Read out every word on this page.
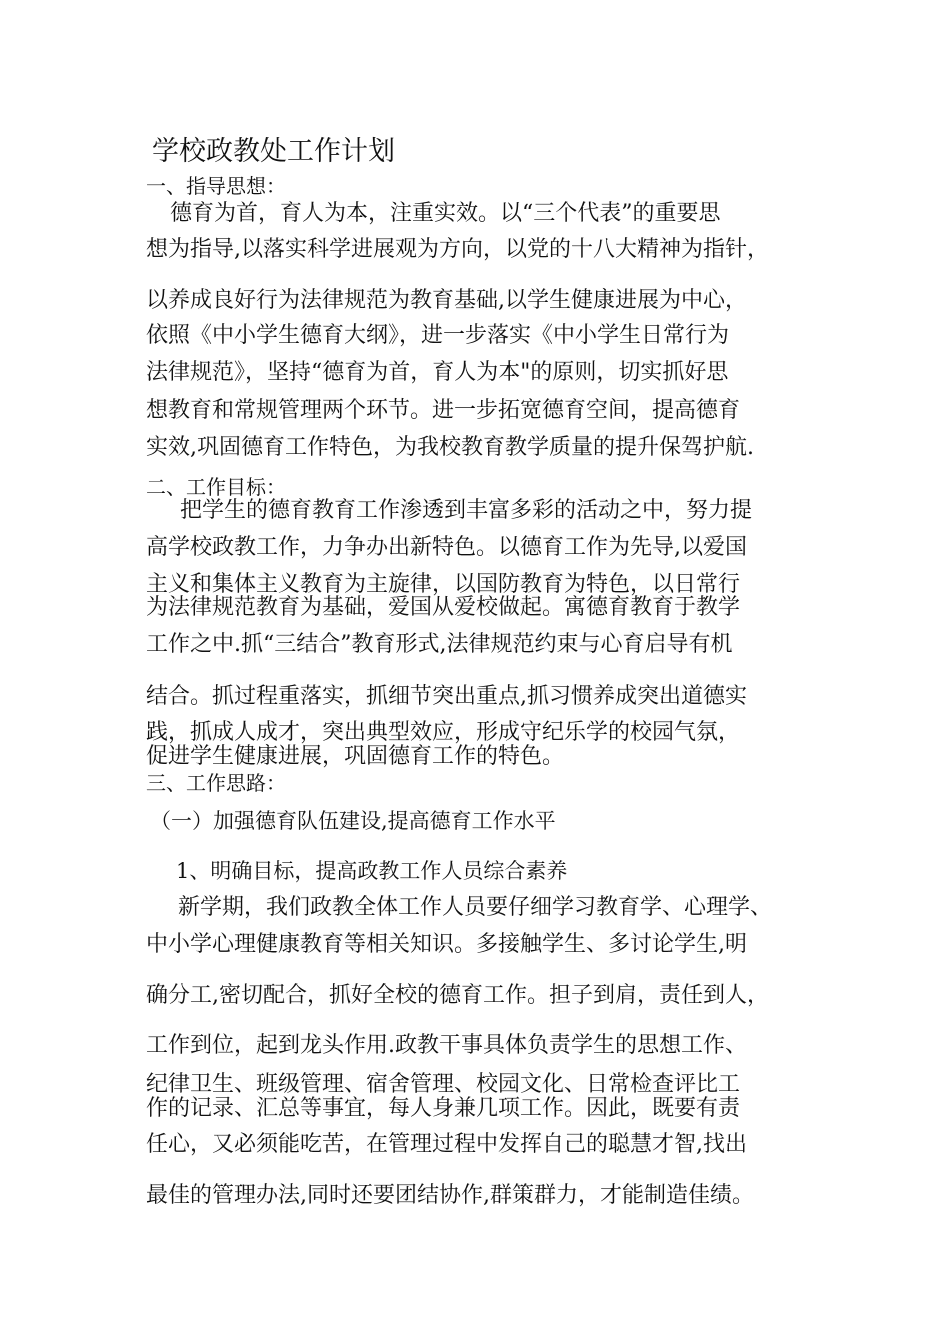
学校政教处工作计划

一、指导思想：

德育为首，育人为本，注重实效。以“三个代表”的重要思

想为指导,以落实科学进展观为方向，以党的十八大精神为指针，

以养成良好行为法律规范为教育基础,以学生健康进展为中心，

依照《中小学生德育大纲》，进一步落实《中小学生日常行为

法律规范》，坚持“德育为首，育人为本"的原则，切实抓好思

想教育和常规管理两个环节。进一步拓宽德育空间，提高德育

实效,巩固德育工作特色，为我校教育教学质量的提升保驾护航.

二、工作目标：

把学生的德育教育工作渗透到丰富多彩的活动之中，努力提

高学校政教工作，力争办出新特色。以德育工作为先导,以爱国

主义和集体主义教育为主旋律，以国防教育为特色，以日常行

为法律规范教育为基础，爱国从爱校做起。寓德育教育于教学

工作之中.抓“三结合”教育形式,法律规范约束与心育启导有机

结合。抓过程重落实，抓细节突出重点,抓习惯养成突出道德实

践，抓成人成才，突出典型效应，形成守纪乐学的校园气氛，

促进学生健康进展，巩固德育工作的特色。

三、工作思路：

（一）加强德育队伍建设,提高德育工作水平

1、明确目标，提高政教工作人员综合素养

新学期，我们政教全体工作人员要仔细学习教育学、心理学、

中小学心理健康教育等相关知识。多接触学生、多讨论学生,明

确分工,密切配合，抓好全校的德育工作。担子到肩，责任到人，

工作到位，起到龙头作用.政教干事具体负责学生的思想工作、

纪律卫生、班级管理、宿舍管理、校园文化、日常检查评比工

作的记录、汇总等事宜，每人身兼几项工作。因此，既要有责

任心，又必须能吃苦，在管理过程中发挥自己的聪慧才智,找出

最佳的管理办法,同时还要团结协作,群策群力，才能制造佳绩。
